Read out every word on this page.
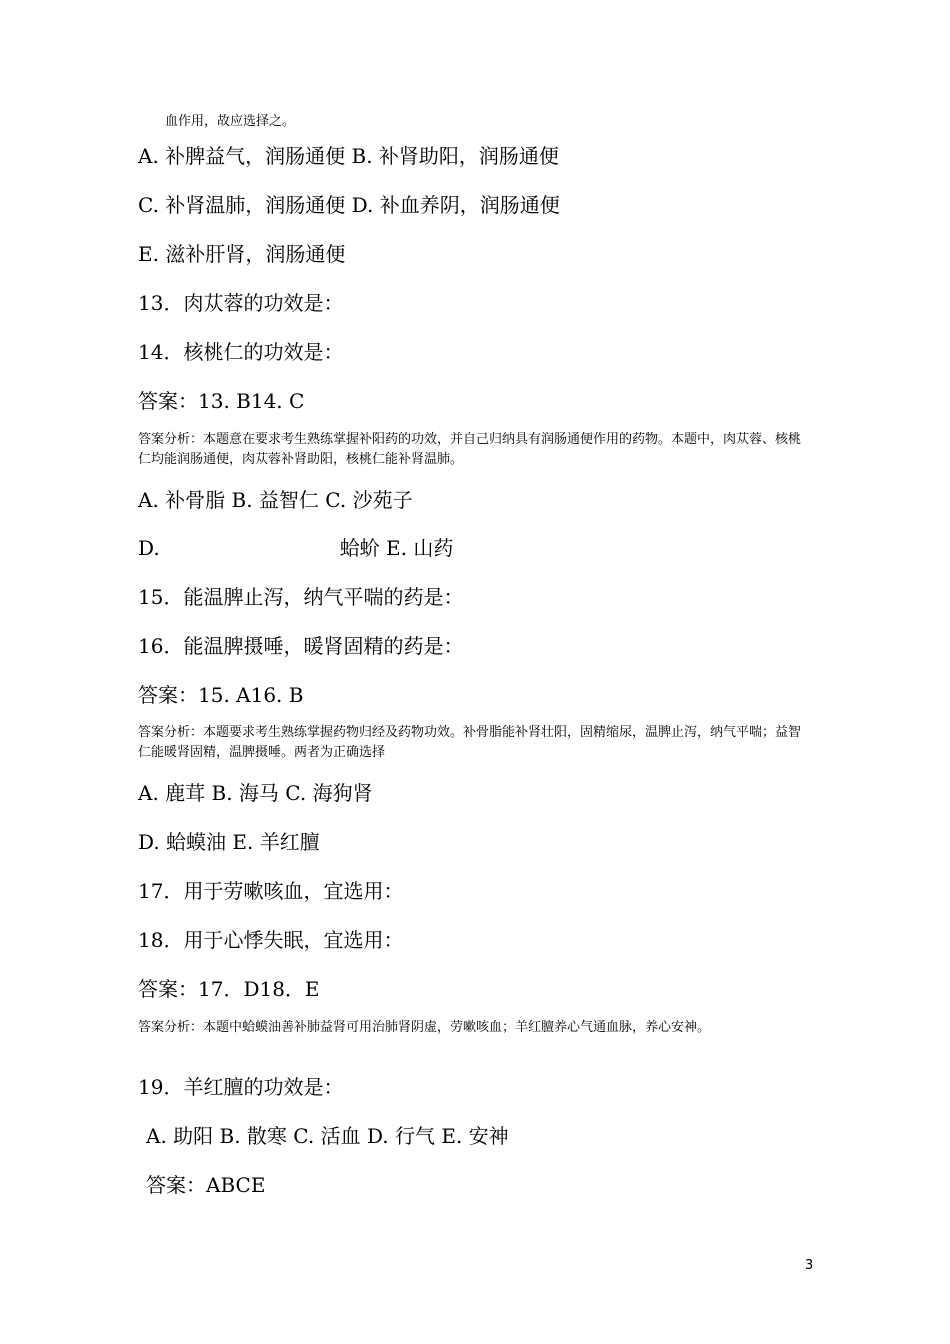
血作用，故应选择之。
A. 补脾益气，润肠通便 B. 补肾助阳，润肠通便
C. 补肾温肺，润肠通便 D. 补血养阴，润肠通便
E. 滋补肝肾，润肠通便
13．肉苁蓉的功效是：
14．核桃仁的功效是：
答案：13. B14. C
答案分析：本题意在要求考生熟练掌握补阳药的功效，并自己归纳具有润肠通便作用的药物。本题中，肉苁蓉、核桃仁均能润肠通便，肉苁蓉补肾助阳，核桃仁能补肾温肺。
A. 补骨脂 B. 益智仁 C. 沙苑子
D.	蛤蚧 E. 山药
15．能温脾止泻，纳气平喘的药是：
16．能温脾摄唾，暖肾固精的药是：
答案：15. A16. B
答案分析：本题要求考生熟练掌握药物归经及药物功效。补骨脂能补肾壮阳，固精缩尿，温脾止泻，纳气平喘；益智仁能暖肾固精，温脾摄唾。两者为正确选择
A. 鹿茸 B. 海马 C. 海狗肾
D. 蛤蟆油 E. 羊红膻
17．用于劳嗽咳血，宜选用：
18．用于心悸失眠，宜选用：
答案：17．D18．E
答案分析：本题中蛤蟆油善补肺益肾可用治肺肾阴虚，劳嗽咳血；羊红膻养心气通血脉，养心安神。
19．羊红膻的功效是：
A. 助阳 B. 散寒 C. 活血 D. 行气 E. 安神
答案：ABCE
3
